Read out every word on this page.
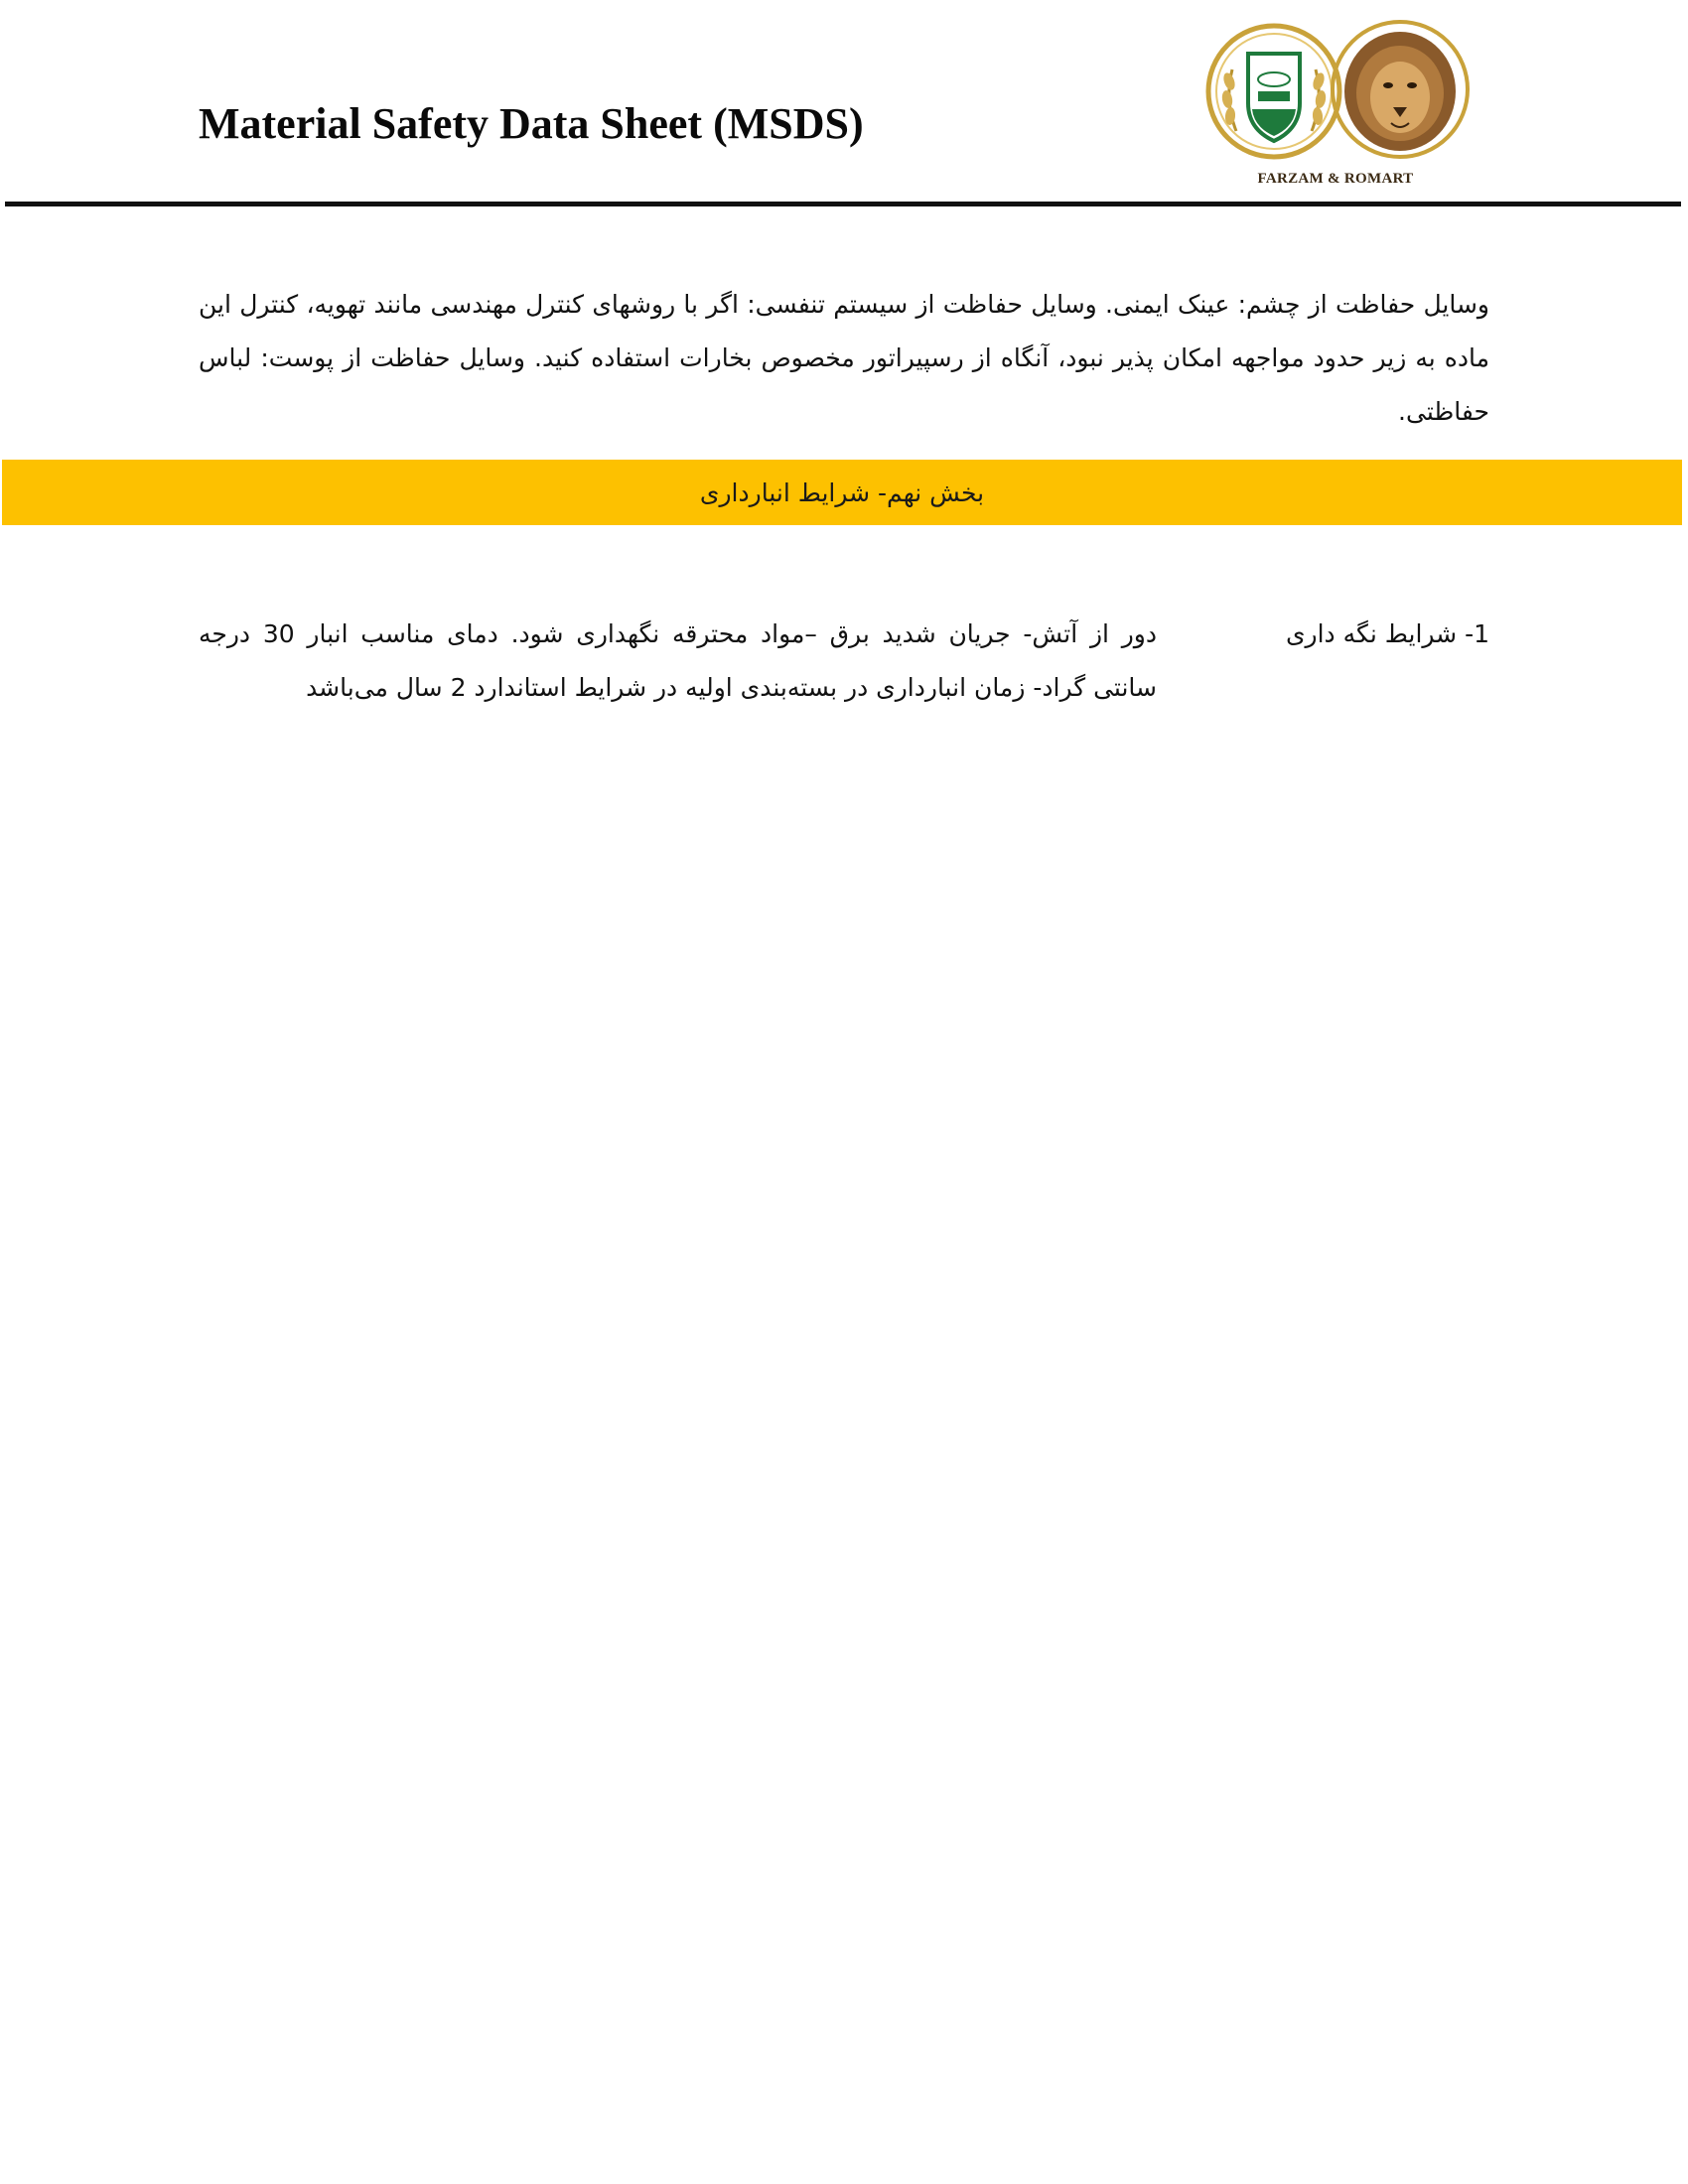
Material Safety Data Sheet (MSDS)
FARZAM & ROMART
وسایل حفاظت از چشم: عینک ایمنی. وسایل حفاظت از سیستم تنفسی: اگر با روشهای کنترل مهندسی مانند تهویه، کنترل این ماده به زیر حدود مواجهه امکان پذیر نبود، آنگاه از رسپیراتور مخصوص بخارات استفاده کنید. وسایل حفاظت از پوست: لباس حفاظتی.
بخش نهم- شرایط انبارداری
1- شرایط نگه داری
دور از آتش- جریان شدید برق –مواد محترقه نگهداری شود. دمای مناسب انبار 30 درجه سانتی گراد- زمان انبارداری در بسته‌بندی اولیه در شرایط استاندارد 2 سال می‌باشد
